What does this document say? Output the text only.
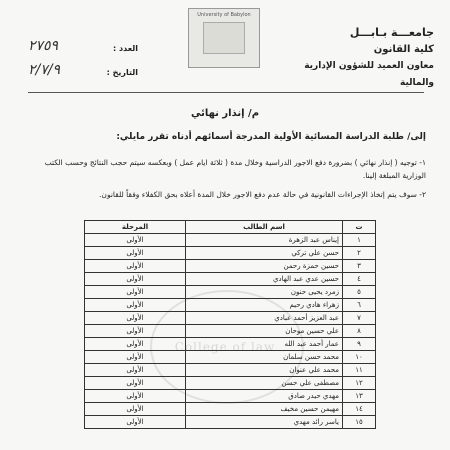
جامعـــة بـابـــل
كلية القانون
معاون العميد للشؤون الإدارية والمالية
University of Babylon
العدد :
٢٧٥٩
التاريخ :
٢/٧/٩
م/ إنذار نهائي
إلى/ طلبة الدراسة المسائية الأولية المدرجة أسمائهم أدناه تقرر مايلي:
١- توجيه ( إنذار نهائي ) بضرورة دفع الاجور الدراسية وخلال مدة ( ثلاثة ايام عمل ) وبعكسه سيتم حجب النتائج وحسب الكتب الوزارية المبلغة إلينا.
٢- سوف يتم إتخاذ الإجراءات القانونية في حالة عدم دفع الاجور خلال المدة أعلاه بحق الكفلاء وفقاً للقانون.
College of law
ت	اسم الطالب	المرحلة
١	إيناس عبد الزهرة	الأولى
٢	حسن علي تركي	الأولى
٣	حسين حمزة رحمن	الأولى
٤	حسين عدي عبد الهادي	الأولى
٥	زمرد يحيى حنون	الأولى
٦	زهراء هادي رحيم	الأولى
٧	عبد العزيز أحمد عبادي	الأولى
٨	علي حسين موحان	الأولى
٩	عمار أحمد عبد الله	الأولى
١٠	محمد حسن سلمان	الأولى
١١	محمد علي عنوان	الأولى
١٢	مصطفى علي حسن	الأولى
١٣	مهدي حيدر صادق	الأولى
١٤	مهيمن حسين مخيف	الأولى
١٥	ياسر رائد مهدي	الأولى
